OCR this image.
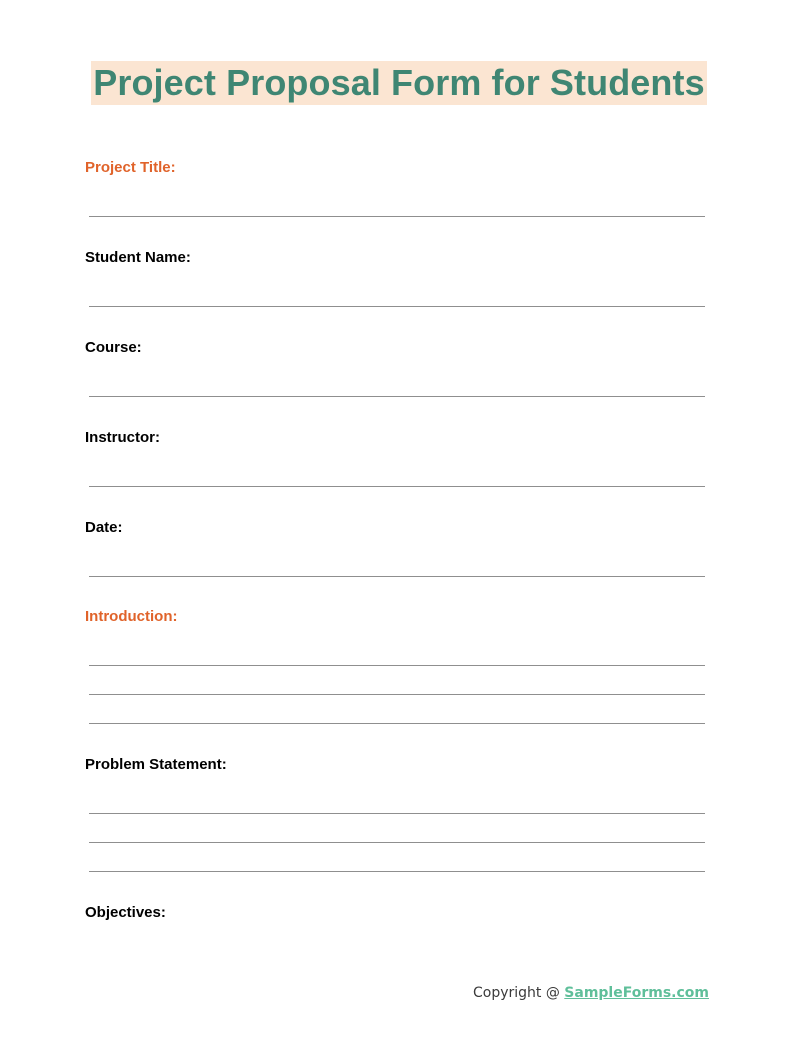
Project Proposal Form for Students
Project Title:
Student Name:
Course:
Instructor:
Date:
Introduction:
Problem Statement:
Objectives:
Copyright @ SampleForms.com
